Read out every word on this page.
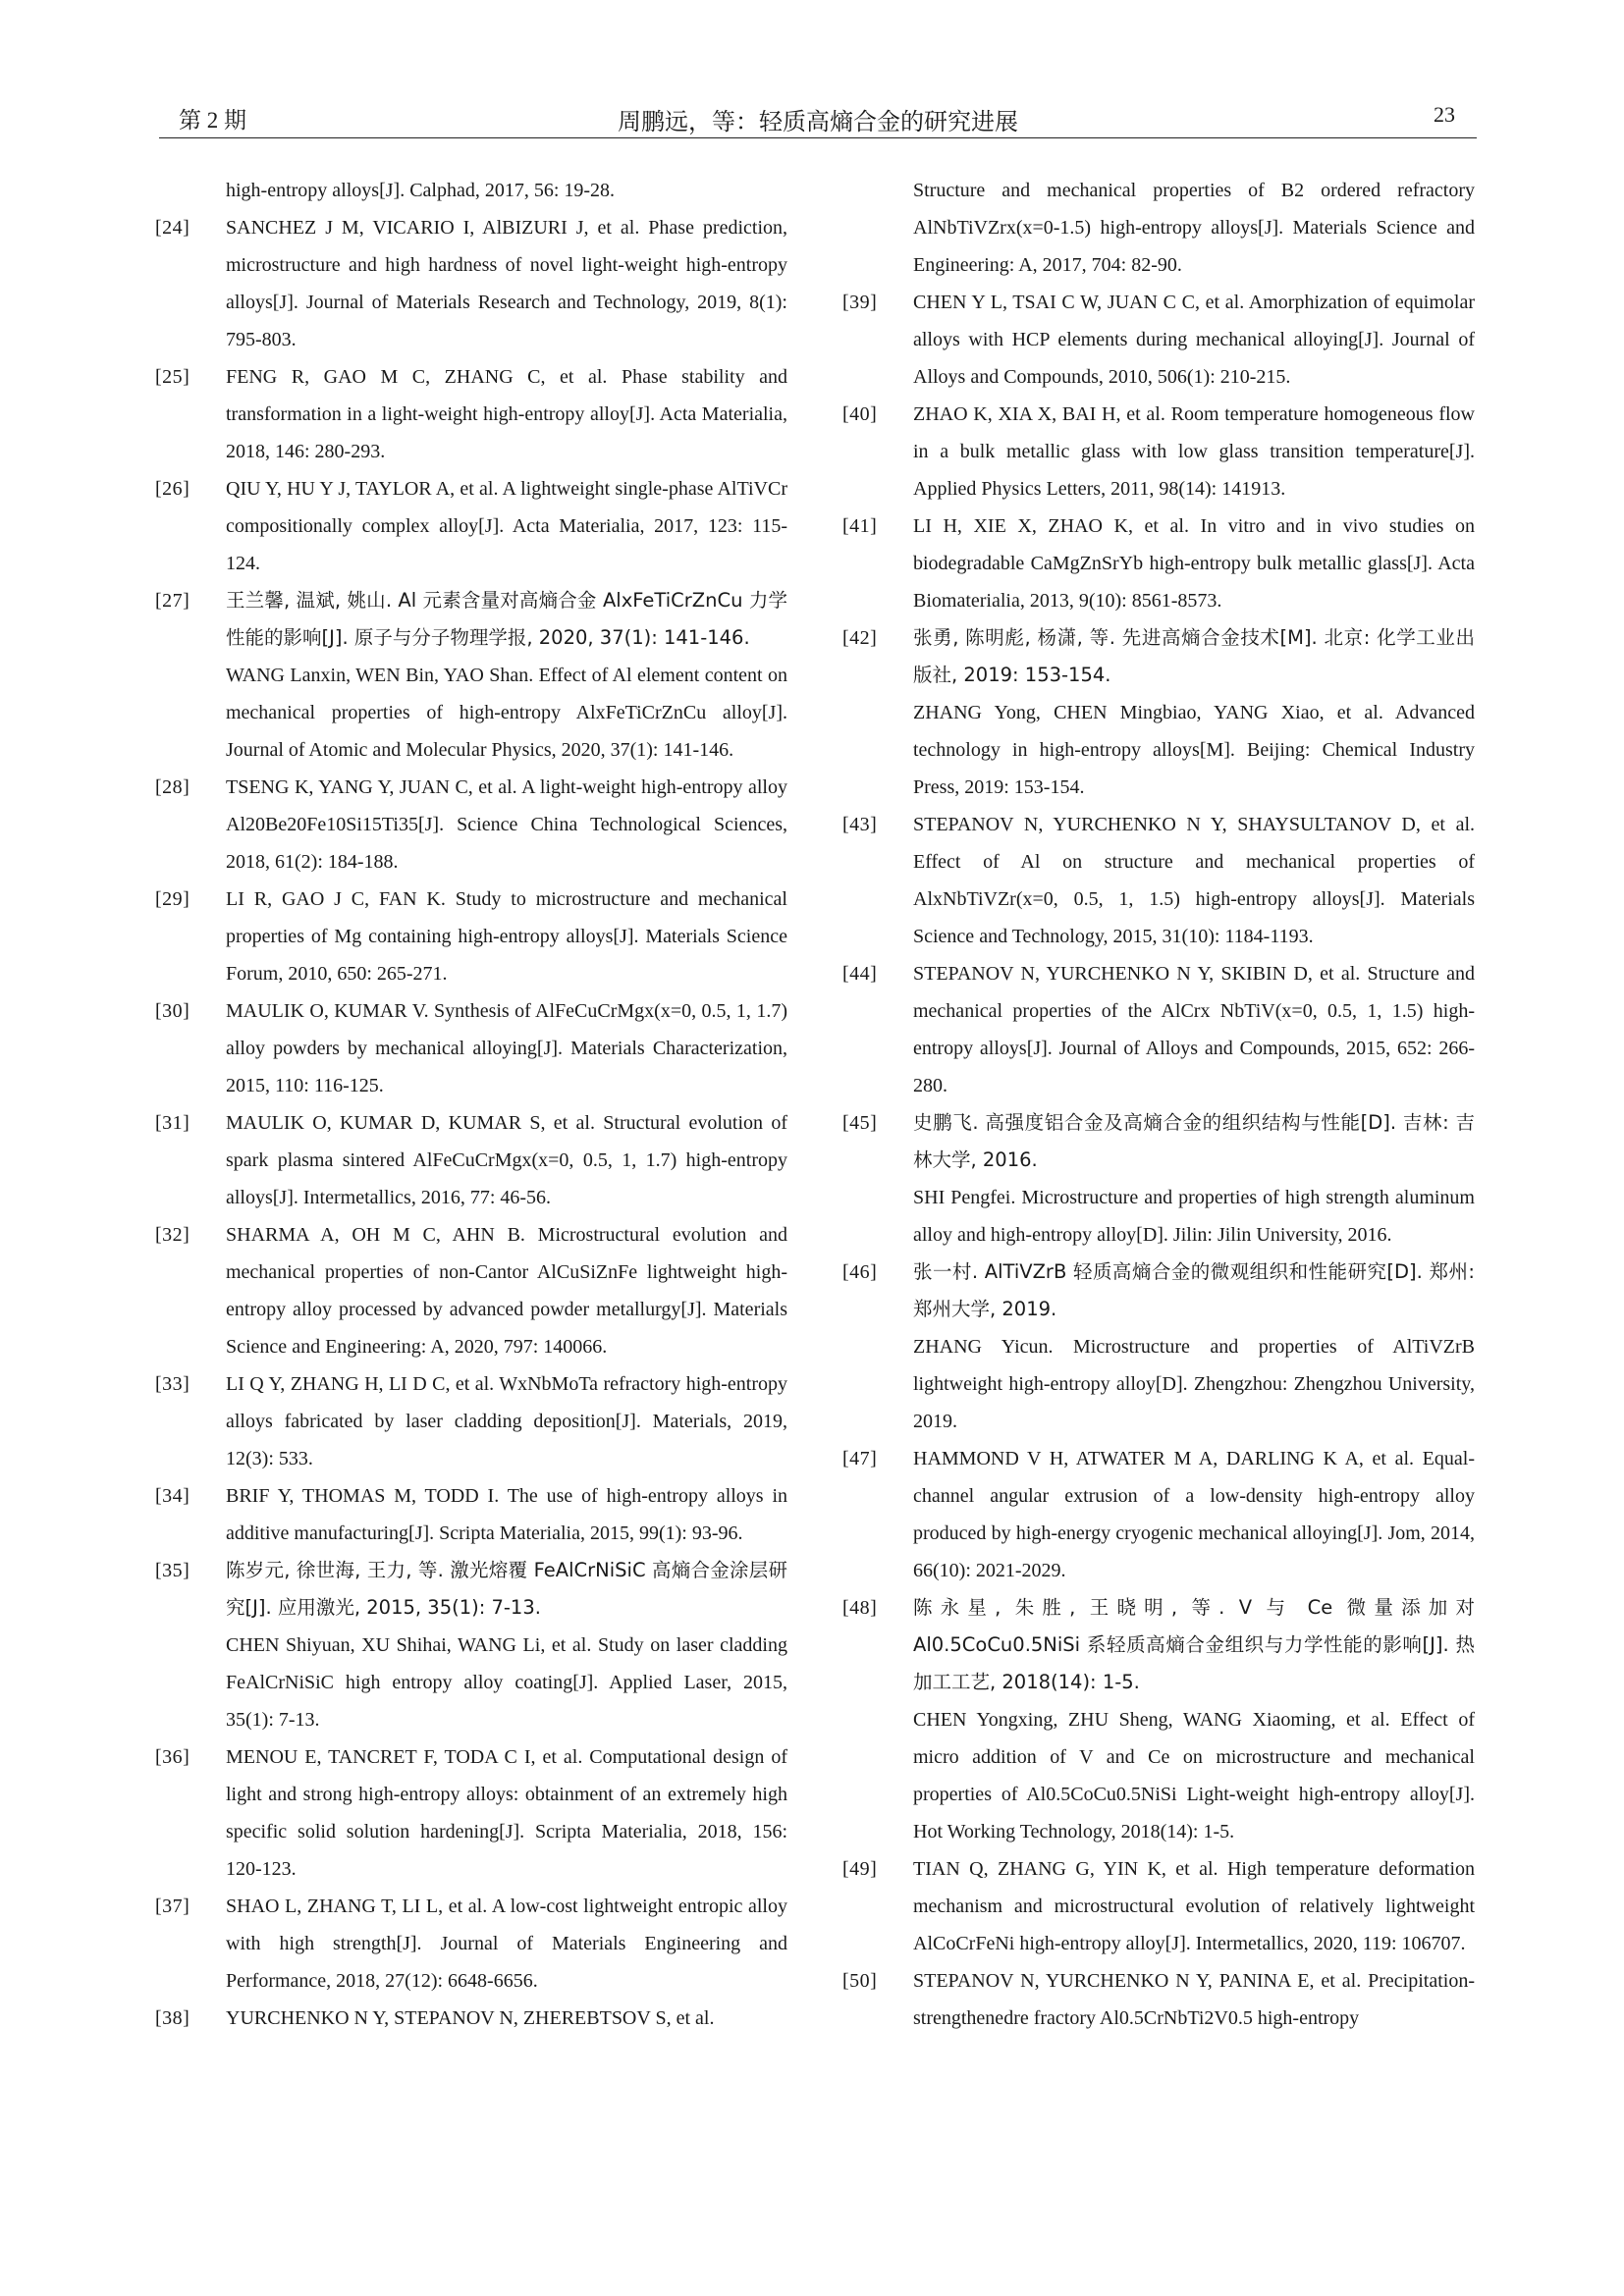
第 2 期	周鹏远，等：轻质高熵合金的研究进展	23
high-entropy alloys[J]. Calphad, 2017, 56: 19-28.
[24] SANCHEZ J M, VICARIO I, AlBIZURI J, et al. Phase prediction, microstructure and high hardness of novel light-weight high-entropy alloys[J]. Journal of Materials Research and Technology, 2019, 8(1): 795-803.
[25] FENG R, GAO M C, ZHANG C, et al. Phase stability and transformation in a light-weight high-entropy alloy[J]. Acta Materialia, 2018, 146: 280-293.
[26] QIU Y, HU Y J, TAYLOR A, et al. A lightweight single-phase AlTiVCr compositionally complex alloy[J]. Acta Materialia, 2017, 123: 115-124.
[27] 王兰馨, 温斌, 姚山. Al 元素含量对高熵合金 AlxFeTiCrZnCu 力学性能的影响[J]. 原子与分子物理学报, 2020, 37(1): 141-146.
WANG Lanxin, WEN Bin, YAO Shan. Effect of Al element content on mechanical properties of high-entropy AlxFeTiCrZnCu alloy[J]. Journal of Atomic and Molecular Physics, 2020, 37(1): 141-146.
[28] TSENG K, YANG Y, JUAN C, et al. A light-weight high-entropy alloy Al20Be20Fe10Si15Ti35[J]. Science China Technological Sciences, 2018, 61(2): 184-188.
[29] LI R, GAO J C, FAN K. Study to microstructure and mechanical properties of Mg containing high-entropy alloys[J]. Materials Science Forum, 2010, 650: 265-271.
[30] MAULIK O, KUMAR V. Synthesis of AlFeCuCrMgx(x=0, 0.5, 1, 1.7) alloy powders by mechanical alloying[J]. Materials Characterization, 2015, 110: 116-125.
[31] MAULIK O, KUMAR D, KUMAR S, et al. Structural evolution of spark plasma sintered AlFeCuCrMgx(x=0, 0.5, 1, 1.7) high-entropy alloys[J]. Intermetallics, 2016, 77: 46-56.
[32] SHARMA A, OH M C, AHN B. Microstructural evolution and mechanical properties of non-Cantor AlCuSiZnFe lightweight high-entropy alloy processed by advanced powder metallurgy[J]. Materials Science and Engineering: A, 2020, 797: 140066.
[33] LI Q Y, ZHANG H, LI D C, et al. WxNbMoTa refractory high-entropy alloys fabricated by laser cladding deposition[J]. Materials, 2019, 12(3): 533.
[34] BRIF Y, THOMAS M, TODD I. The use of high-entropy alloys in additive manufacturing[J]. Scripta Materialia, 2015, 99(1): 93-96.
[35] 陈岁元, 徐世海, 王力, 等. 激光熔覆 FeAlCrNiSiC 高熵合金涂层研究[J]. 应用激光, 2015, 35(1): 7-13.
CHEN Shiyuan, XU Shihai, WANG Li, et al. Study on laser cladding FeAlCrNiSiC high entropy alloy coating[J]. Applied Laser, 2015, 35(1): 7-13.
[36] MENOU E, TANCRET F, TODA C I, et al. Computational design of light and strong high-entropy alloys: obtainment of an extremely high specific solid solution hardening[J]. Scripta Materialia, 2018, 156: 120-123.
[37] SHAO L, ZHANG T, LI L, et al. A low-cost lightweight entropic alloy with high strength[J]. Journal of Materials Engineering and Performance, 2018, 27(12): 6648-6656.
[38] YURCHENKO N Y, STEPANOV N, ZHEREBTSOV S, et al.
Structure and mechanical properties of B2 ordered refractory AlNbTiVZrx(x=0-1.5) high-entropy alloys[J]. Materials Science and Engineering: A, 2017, 704: 82-90.
[39] CHEN Y L, TSAI C W, JUAN C C, et al. Amorphization of equimolar alloys with HCP elements during mechanical alloying[J]. Journal of Alloys and Compounds, 2010, 506(1): 210-215.
[40] ZHAO K, XIA X, BAI H, et al. Room temperature homogeneous flow in a bulk metallic glass with low glass transition temperature[J]. Applied Physics Letters, 2011, 98(14): 141913.
[41] LI H, XIE X, ZHAO K, et al. In vitro and in vivo studies on biodegradable CaMgZnSrYb high-entropy bulk metallic glass[J]. Acta Biomaterialia, 2013, 9(10): 8561-8573.
[42] 张勇, 陈明彪, 杨潇, 等. 先进高熵合金技术[M]. 北京: 化学工业出版社, 2019: 153-154.
ZHANG Yong, CHEN Mingbiao, YANG Xiao, et al. Advanced technology in high-entropy alloys[M]. Beijing: Chemical Industry Press, 2019: 153-154.
[43] STEPANOV N, YURCHENKO N Y, SHAYSULTANOV D, et al. Effect of Al on structure and mechanical properties of AlxNbTiVZr(x=0, 0.5, 1, 1.5) high-entropy alloys[J]. Materials Science and Technology, 2015, 31(10): 1184-1193.
[44] STEPANOV N, YURCHENKO N Y, SKIBIN D, et al. Structure and mechanical properties of the AlCrx NbTiV(x=0, 0.5, 1, 1.5) high-entropy alloys[J]. Journal of Alloys and Compounds, 2015, 652: 266-280.
[45] 史鹏飞. 高强度铝合金及高熵合金的组织结构与性能[D]. 吉林: 吉林大学, 2016.
SHI Pengfei. Microstructure and properties of high strength aluminum alloy and high-entropy alloy[D]. Jilin: Jilin University, 2016.
[46] 张一村. AlTiVZrB 轻质高熵合金的微观组织和性能研究[D]. 郑州: 郑州大学, 2019.
ZHANG Yicun. Microstructure and properties of AlTiVZrB lightweight high-entropy alloy[D]. Zhengzhou: Zhengzhou University, 2019.
[47] HAMMOND V H, ATWATER M A, DARLING K A, et al. Equal-channel angular extrusion of a low-density high-entropy alloy produced by high-energy cryogenic mechanical alloying[J]. Jom, 2014, 66(10): 2021-2029.
[48] 陈永星, 朱胜, 王晓明, 等. V 与 Ce 微量添加对 Al0.5CoCu0.5NiSi 系轻质高熵合金组织与力学性能的影响[J]. 热加工工艺, 2018(14): 1-5.
CHEN Yongxing, ZHU Sheng, WANG Xiaoming, et al. Effect of micro addition of V and Ce on microstructure and mechanical properties of Al0.5CoCu0.5NiSi Light-weight high-entropy alloy[J]. Hot Working Technology, 2018(14): 1-5.
[49] TIAN Q, ZHANG G, YIN K, et al. High temperature deformation mechanism and microstructural evolution of relatively lightweight AlCoCrFeNi high-entropy alloy[J]. Intermetallics, 2020, 119: 106707.
[50] STEPANOV N, YURCHENKO N Y, PANINA E, et al. Precipitation-strengthenedre fractory Al0.5CrNbTi2V0.5 high-entropy
